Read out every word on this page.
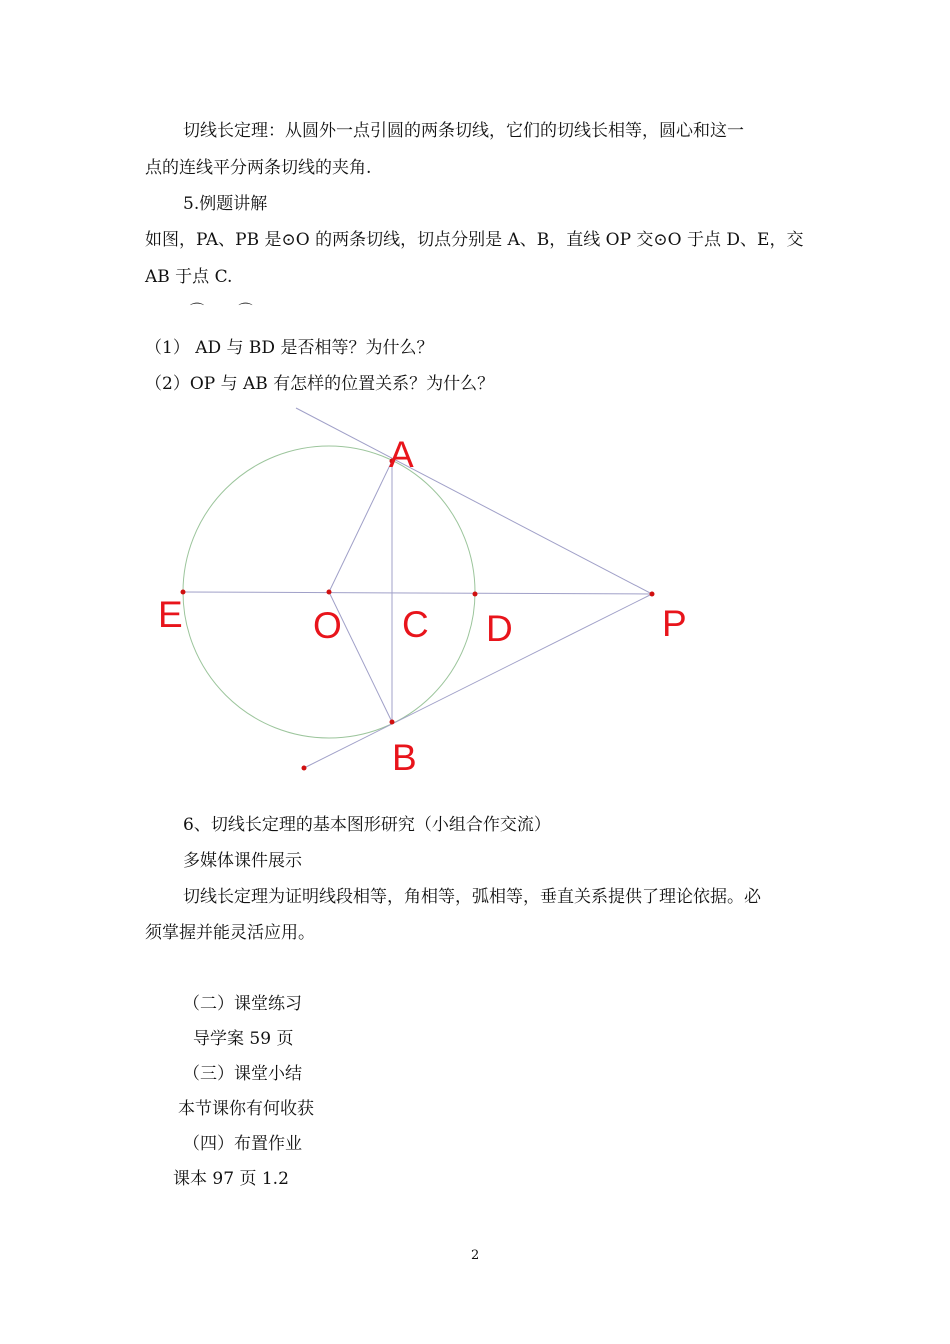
切线长定理：从圆外一点引圆的两条切线，它们的切线长相等，圆心和这一
点的连线平分两条切线的夹角.
5.例题讲解
如图，PA、PB 是⊙O 的两条切线，切点分别是 A、B，直线 OP 交⊙O 于点 D、E，交
AB 于点 C.
⌒ ⌒
（1） AD 与 BD 是否相等？为什么？
（2）OP 与 AB 有怎样的位置关系？为什么？
A
E	O C D	P
B
6、切线长定理的基本图形研究（小组合作交流）
多媒体课件展示
切线长定理为证明线段相等，角相等，弧相等，垂直关系提供了理论依据。必
须掌握并能灵活应用。
（二）课堂练习
导学案 59 页
（三）课堂小结
本节课你有何收获
（四）布置作业
课本 97 页 1.2
2
